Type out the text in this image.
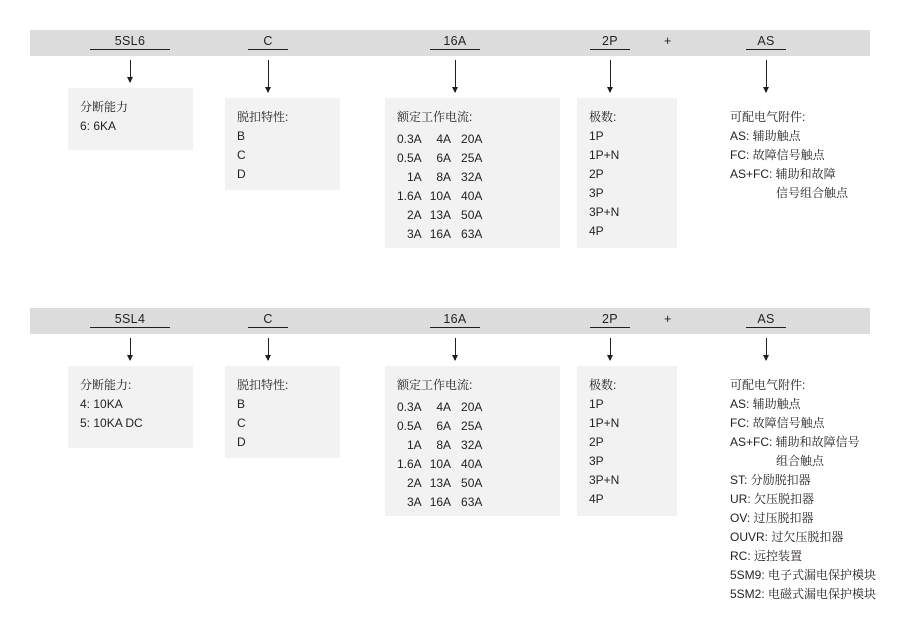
5SL6	C	16A	2P	+	AS
分断能力
6: 6KA
脱扣特性:
B
C
D
额定工作电流:
0.3A	4A	20A
0.5A	6A	25A
1A	8A	32A
1.6A	10A	40A
2A	13A	50A
3A	16A	63A
极数:
1P
1P+N
2P
3P
3P+N
4P
可配电气附件:
AS: 辅助触点
FC: 故障信号触点
AS+FC: 辅助和故障
信号组合触点
5SL4	C	16A	2P	+	AS
分断能力:
4: 10KA
5: 10KA DC
脱扣特性:
B
C
D
额定工作电流:
0.3A	4A	20A
0.5A	6A	25A
1A	8A	32A
1.6A	10A	40A
2A	13A	50A
3A	16A	63A
极数:
1P
1P+N
2P
3P
3P+N
4P
可配电气附件:
AS: 辅助触点
FC: 故障信号触点
AS+FC: 辅助和故障信号
组合触点
ST: 分励脱扣器
UR: 欠压脱扣器
OV: 过压脱扣器
OUVR: 过欠压脱扣器
RC: 远控装置
5SM9: 电子式漏电保护模块
5SM2: 电磁式漏电保护模块
